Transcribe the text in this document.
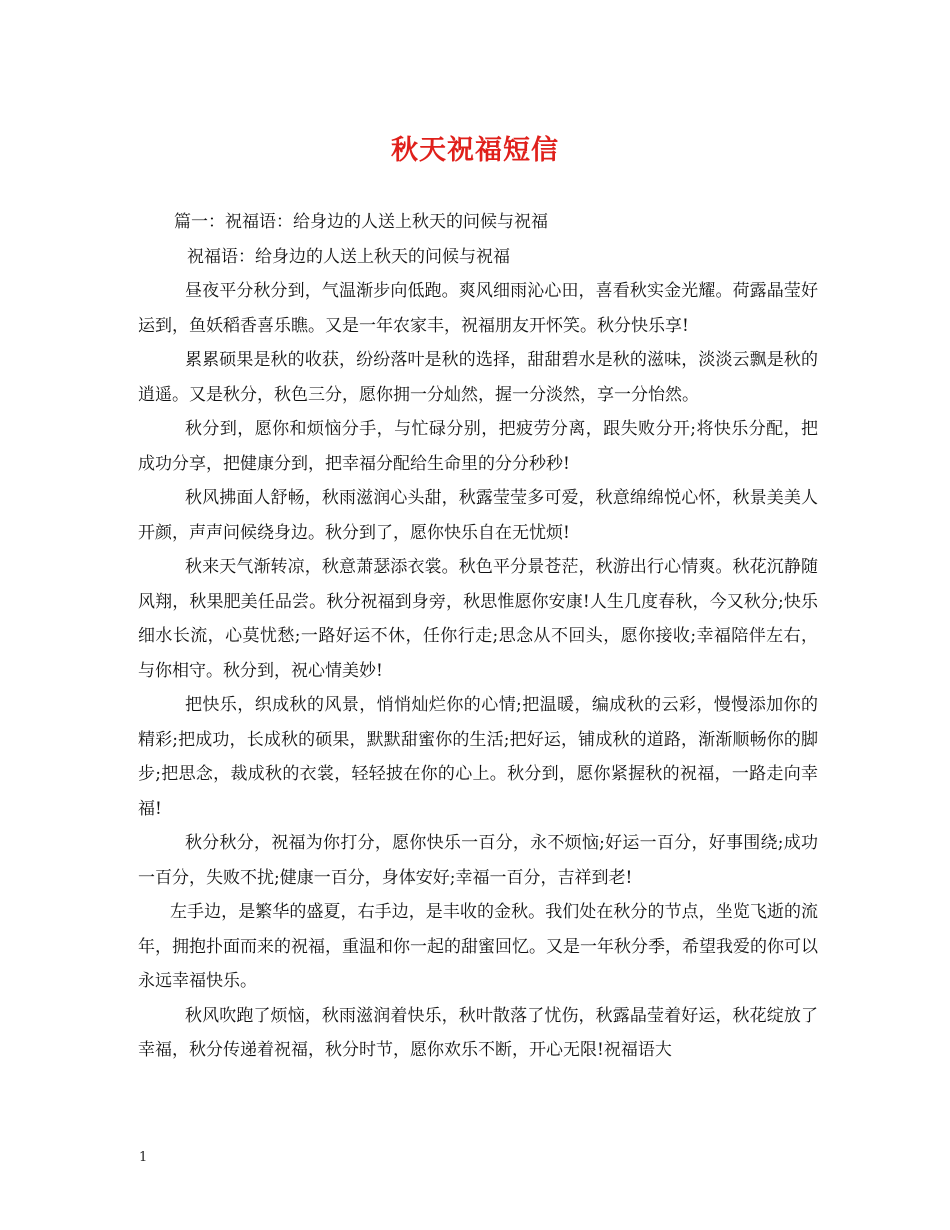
秋天祝福短信

篇一：祝福语：给身边的人送上秋天的问候与祝福

祝福语：给身边的人送上秋天的问候与祝福

昼夜平分秋分到，气温渐步向低跑。爽风细雨沁心田，喜看秋实金光耀。荷露晶莹好运到，鱼妖稻香喜乐瞧。又是一年农家丰，祝福朋友开怀笑。秋分快乐享!

累累硕果是秋的收获，纷纷落叶是秋的选择，甜甜碧水是秋的滋味，淡淡云飘是秋的逍遥。又是秋分，秋色三分，愿你拥一分灿然，握一分淡然，享一分怡然。

秋分到，愿你和烦恼分手，与忙碌分别，把疲劳分离，跟失败分开;将快乐分配，把成功分享，把健康分到，把幸福分配给生命里的分分秒秒!

秋风拂面人舒畅，秋雨滋润心头甜，秋露莹莹多可爱，秋意绵绵悦心怀，秋景美美人开颜，声声问候绕身边。秋分到了，愿你快乐自在无忧烦!

秋来天气渐转凉，秋意萧瑟添衣裳。秋色平分景苍茫，秋游出行心情爽。秋花沉静随风翔，秋果肥美任品尝。秋分祝福到身旁，秋思惟愿你安康!人生几度春秋，今又秋分;快乐细水长流，心莫忧愁;一路好运不休，任你行走;思念从不回头，愿你接收;幸福陪伴左右，与你相守。秋分到，祝心情美妙!

把快乐，织成秋的风景，悄悄灿烂你的心情;把温暖，编成秋的云彩，慢慢添加你的精彩;把成功，长成秋的硕果，默默甜蜜你的生活;把好运，铺成秋的道路，渐渐顺畅你的脚步;把思念，裁成秋的衣裳，轻轻披在你的心上。秋分到，愿你紧握秋的祝福，一路走向幸福!

秋分秋分，祝福为你打分，愿你快乐一百分，永不烦恼;好运一百分，好事围绕;成功一百分，失败不扰;健康一百分，身体安好;幸福一百分，吉祥到老!

左手边，是繁华的盛夏，右手边，是丰收的金秋。我们处在秋分的节点，坐览飞逝的流年，拥抱扑面而来的祝福，重温和你一起的甜蜜回忆。又是一年秋分季，希望我爱的你可以永远幸福快乐。

秋风吹跑了烦恼，秋雨滋润着快乐，秋叶散落了忧伤，秋露晶莹着好运，秋花绽放了幸福，秋分传递着祝福，秋分时节，愿你欢乐不断，开心无限!祝福语大

1
